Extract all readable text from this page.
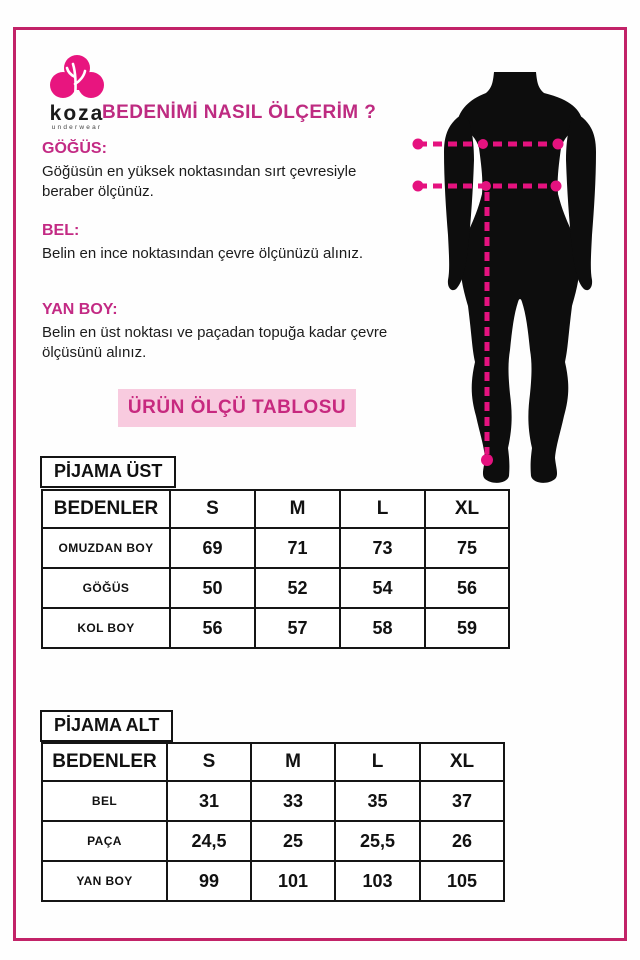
koza
underwear
BEDENİMİ NASIL ÖLÇERİM ?
GÖĞÜS:
Göğüsün en yüksek noktasından sırt çevresiyle beraber ölçünüz.
BEL:
Belin en ince noktasından çevre ölçünüzü alınız.
YAN BOY:
Belin en üst noktası ve paçadan topuğa kadar çevre ölçüsünü alınız.
ÜRÜN ÖLÇÜ TABLOSU
PİJAMA ÜST
BEDENLER	S	M	L	XL
OMUZDAN BOY	69	71	73	75
GÖĞÜS	50	52	54	56
KOL BOY	56	57	58	59
PİJAMA ALT
BEDENLER	S	M	L	XL
BEL	31	33	35	37
PAÇA	24,5	25	25,5	26
YAN BOY	99	101	103	105
